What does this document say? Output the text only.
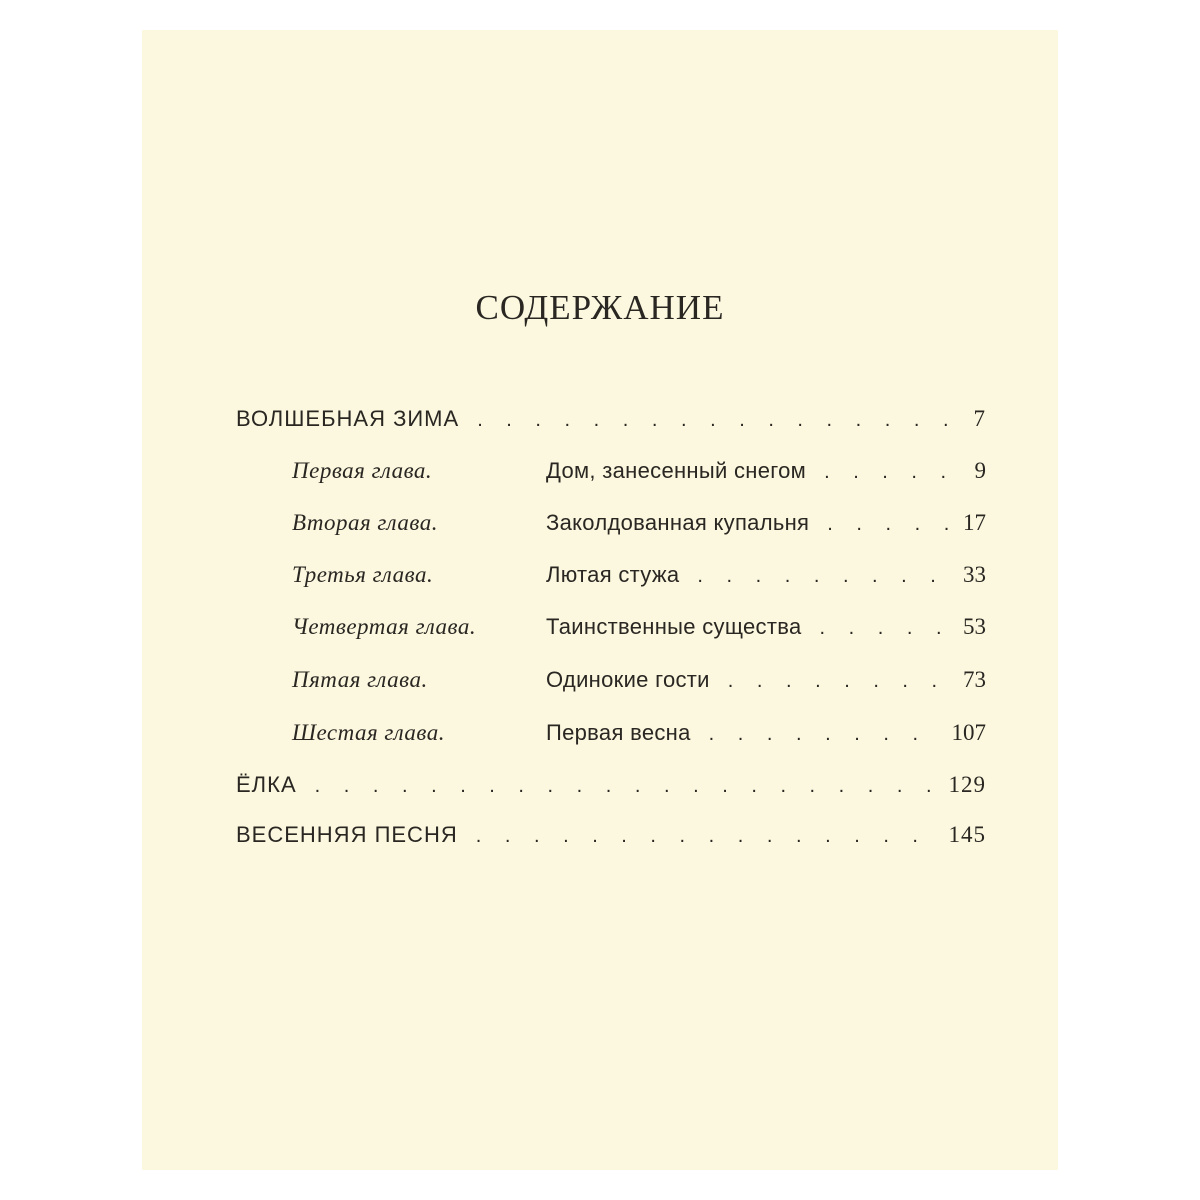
СОДЕРЖАНИЕ
ВОЛШЕБНАЯ ЗИМА . . .	7
Первая глава.	Дом, занесенный снегом . . .	9
Вторая глава.	Заколдованная купальня . . .	17
Третья глава.	Лютая стужа . . .	33
Четвертая глава.	Таинственные существа . . .	53
Пятая глава.	Одинокие гости . . .	73
Шестая глава.	Первая весна . . .	107
ЁЛКА . . .	129
ВЕСЕННЯЯ ПЕСНЯ . . .	145
